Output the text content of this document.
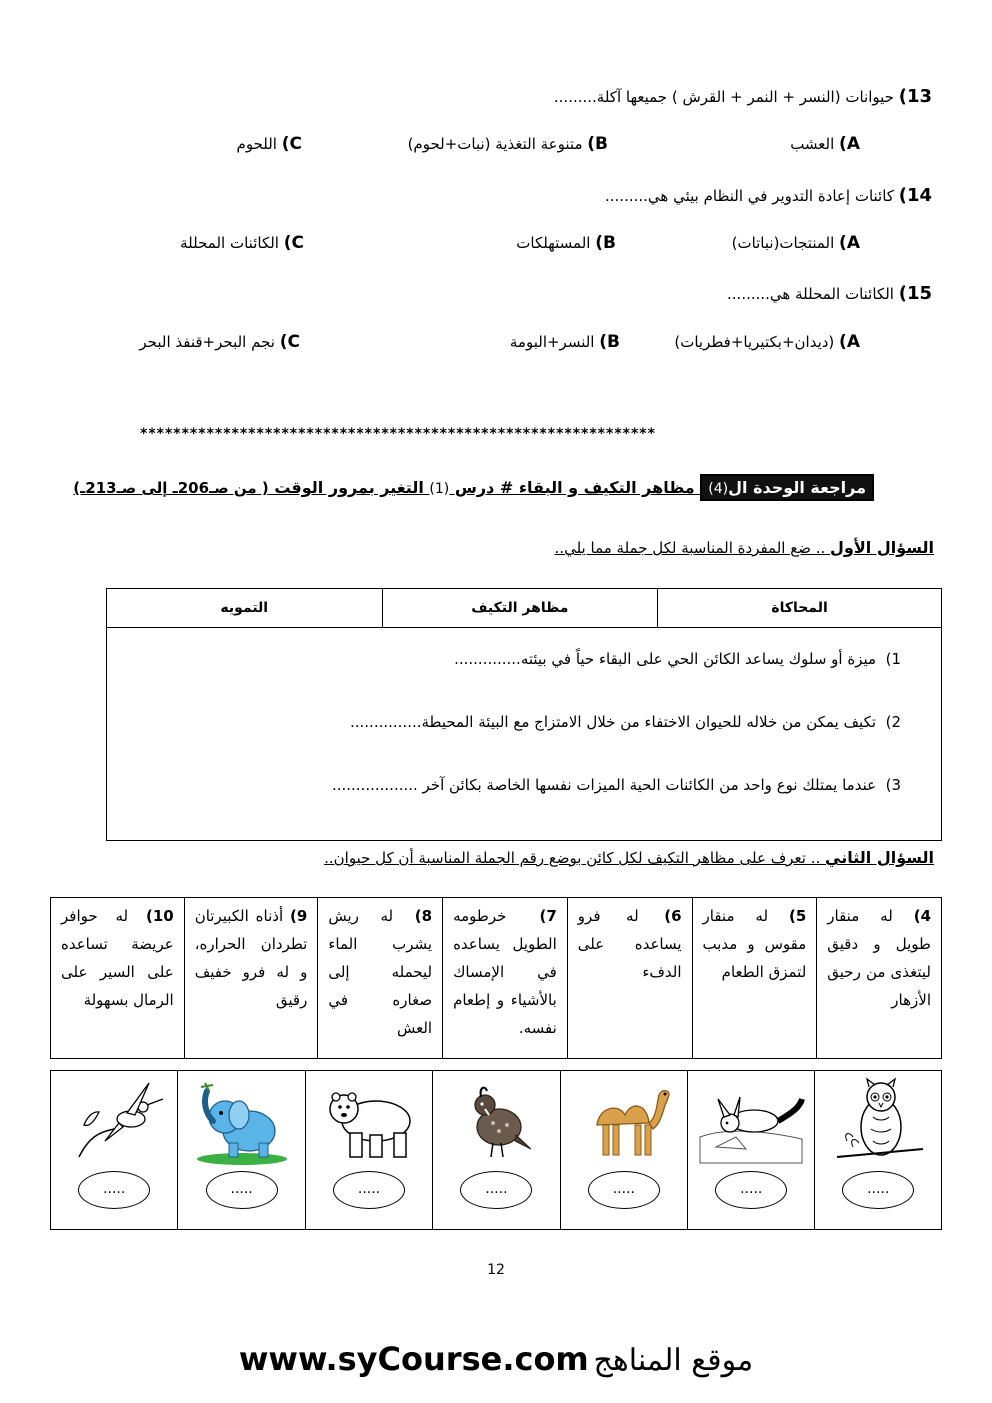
13) حيوانات (النسر + النمر + القرش ) جميعها آكلة.........
A) العشب
B) متنوعة التغذية (نبات+لحوم)
C) اللحوم
14) كائنات إعادة التدوير في النظام بيئي هي.........
A) المنتجات(نباتات)
B) المستهلكات
C) الكائنات المحللة
15) الكائنات المحللة هي.........
A) (ديدان+بكتيريا+فطريات)
B) النسر+البومة
C) نجم البحر+قنفذ البحر
**************************************************************
مراجعة الوحدة ال(4) مظاهر التكيف و البقاء # درس (1) التغير بمرور الوقت ( من صـ206ـ إلى صـ213ـ)
السؤال الأول .. ضع المفردة المناسبة لكل جملة مما يلي..
التمويه	مظاهر التكيف	المحاكاة

1)  ميزة أو سلوك يساعد الكائن الحي على البقاء حياً في بيئته..............
2)  تكيف يمكن من خلاله للحيوان الاختفاء من خلال الامتزاج مع البيئة المحيطة...............
3)  عندما يمتلك نوع واحد من الكائنات الحية الميزات نفسها الخاصة بكائن آخر ..................
السؤال الثاني .. تعرف على مظاهر التكيف لكل كائن بوضع رقم الجملة المناسبة أن كل حيوان..
4) له منقار طويل و دقيق ليتغذى من رحيق الأزهار	5) له منقار مقوس و مدبب لتمزق الطعام	6) له فرو يساعده على الدفء	7) خرطومه الطويل يساعده في الإمساك بالأشياء و إطعام نفسه.	8) له ريش يشرب الماء ليحمله إلى صغاره في العش	9) أذناه الكبيرتان تطردان الحراره، و له فرو خفيف رقيق	10) له حوافر عريضة تساعده على السير على الرمال بسهولة
.....	.....	.....	.....	.....	.....	.....
12
www.syCourse.com موقع المناهج
